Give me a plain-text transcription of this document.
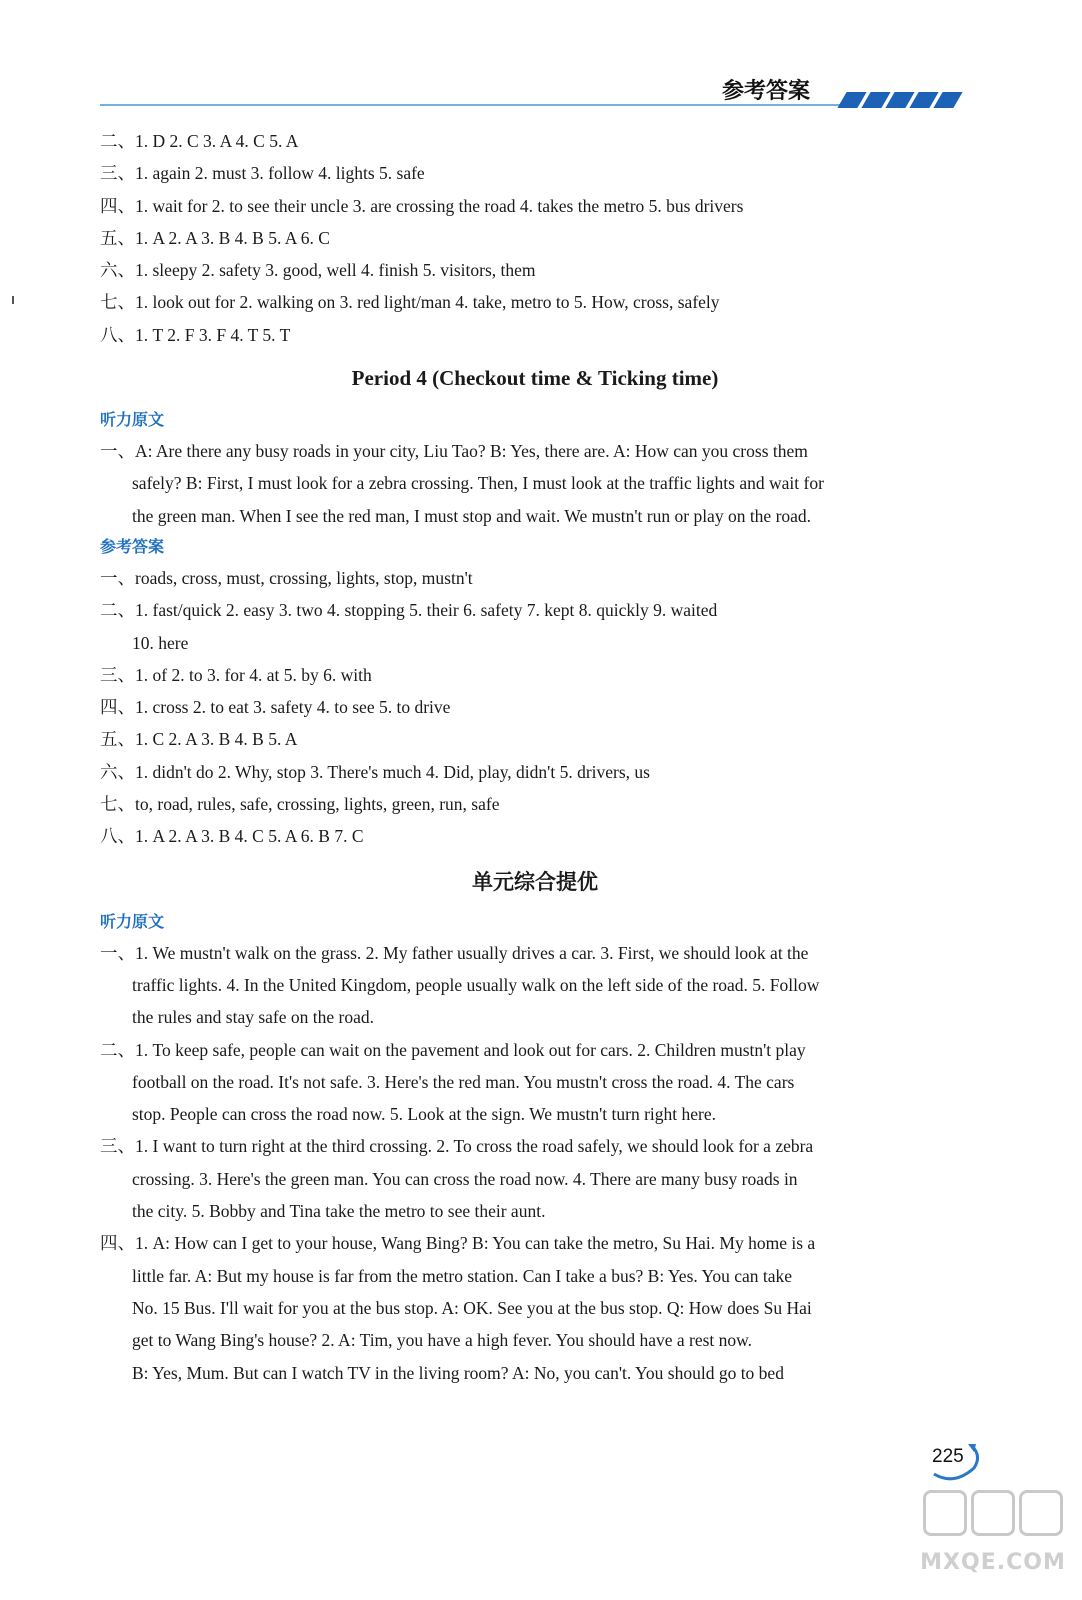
参考答案
二、1. D 2. C 3. A 4. C 5. A
三、1. again 2. must 3. follow 4. lights 5. safe
四、1. wait for 2. to see their uncle 3. are crossing the road 4. takes the metro 5. bus drivers
五、1. A 2. A 3. B 4. B 5. A 6. C
六、1. sleepy 2. safety 3. good, well 4. finish 5. visitors, them
七、1. look out for 2. walking on 3. red light/man 4. take, metro to 5. How, cross, safely
八、1. T 2. F 3. F 4. T 5. T
Period 4 (Checkout time & Ticking time)
听力原文
一、A: Are there any busy roads in your city, Liu Tao? B: Yes, there are. A: How can you cross them
safely? B: First, I must look for a zebra crossing. Then, I must look at the traffic lights and wait for
the green man. When I see the red man, I must stop and wait. We mustn't run or play on the road.
参考答案
一、roads, cross, must, crossing, lights, stop, mustn't
二、1. fast/quick 2. easy 3. two 4. stopping 5. their 6. safety 7. kept 8. quickly 9. waited
10. here
三、1. of 2. to 3. for 4. at 5. by 6. with
四、1. cross 2. to eat 3. safety 4. to see 5. to drive
五、1. C 2. A 3. B 4. B 5. A
六、1. didn't do 2. Why, stop 3. There's much 4. Did, play, didn't 5. drivers, us
七、to, road, rules, safe, crossing, lights, green, run, safe
八、1. A 2. A 3. B 4. C 5. A 6. B 7. C
单元综合提优
听力原文
一、1. We mustn't walk on the grass. 2. My father usually drives a car. 3. First, we should look at the
traffic lights. 4. In the United Kingdom, people usually walk on the left side of the road. 5. Follow
the rules and stay safe on the road.
二、1. To keep safe, people can wait on the pavement and look out for cars. 2. Children mustn't play
football on the road. It's not safe. 3. Here's the red man. You mustn't cross the road. 4. The cars
stop. People can cross the road now. 5. Look at the sign. We mustn't turn right here.
三、1. I want to turn right at the third crossing. 2. To cross the road safely, we should look for a zebra
crossing. 3. Here's the green man. You can cross the road now. 4. There are many busy roads in
the city. 5. Bobby and Tina take the metro to see their aunt.
四、1. A: How can I get to your house, Wang Bing? B: You can take the metro, Su Hai. My home is a
little far. A: But my house is far from the metro station. Can I take a bus? B: Yes. You can take
No. 15 Bus. I'll wait for you at the bus stop. A: OK. See you at the bus stop. Q: How does Su Hai
get to Wang Bing's house? 2. A: Tim, you have a high fever. You should have a rest now.
B: Yes, Mum. But can I watch TV in the living room? A: No, you can't. You should go to bed
225
MXQE.COM
